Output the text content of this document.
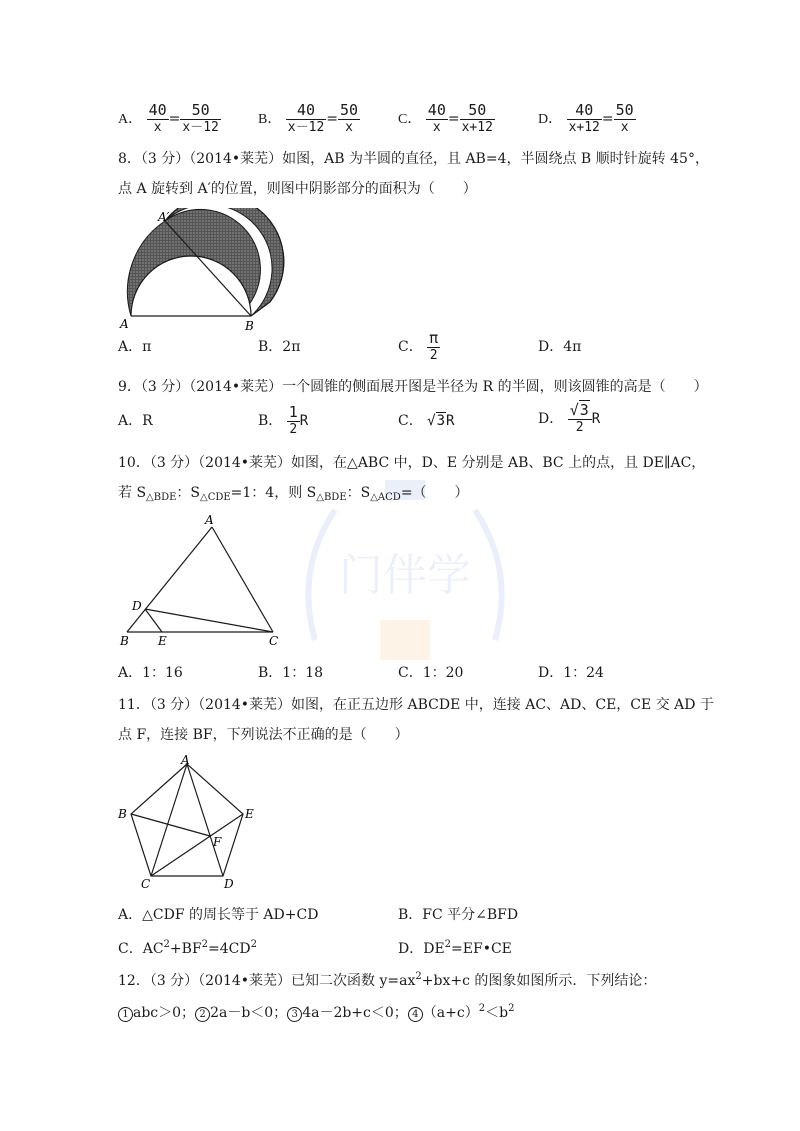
门伴学
A． $\frac{40}{x} = \frac{50}{x-12}$	B． $\frac{40}{x-12} = \frac{50}{x}$	C． $\frac{40}{x} = \frac{50}{x+12}$	D． $\frac{40}{x+12} = \frac{50}{x}$
8．（3 分）（2014•莱芜）如图，AB 为半圆的直径，且 AB=4，半圆绕点 B 顺时针旋转 45°，
点 A 旋转到 A′的位置，则图中阴影部分的面积为（　　）
A′
A	B
A．π	B．2π	C． $\frac{\pi}{2}$	D．4π
9．（3 分）（2014•莱芜）一个圆锥的侧面展开图是半径为 R 的半圆，则该圆锥的高是（　　）
A．R	B． $\frac{1}{2}$ R	C． √3R	D． $\frac{√3}{2}$ R
10．（3 分）（2014•莱芜）如图，在△ABC 中，D、E 分别是 AB、BC 上的点，且 DE∥AC，
若 $S_{\triangle BDE}$：$S_{\triangle CDE}=1$：4，则 $S_{\triangle BDE}$：$S_{\triangle ACD}=$（　　）
A
D
B E	C
A．1：16	B．1：18	C．1：20	D．1：24
11．（3 分）（2014•莱芜）如图，在正五边形 ABCDE 中，连接 AC、AD、CE，CE 交 AD 于
点 F，连接 BF，下列说法不正确的是（　　）
A
B	E
F
C	D
A．△CDF 的周长等于 AD+CD	B．FC 平分∠BFD
C．$AC^2+BF^2=4CD^2$	D．$DE^2=EF•CE$
12．（3 分）（2014•莱芜）已知二次函数 $y=ax^2+bx+c$ 的图象如图所示．下列结论：
1 abc＞0； 2 2a－b＜0； 3 4a－2b+c＜0； 4 $(a+c)^2<b^2$
